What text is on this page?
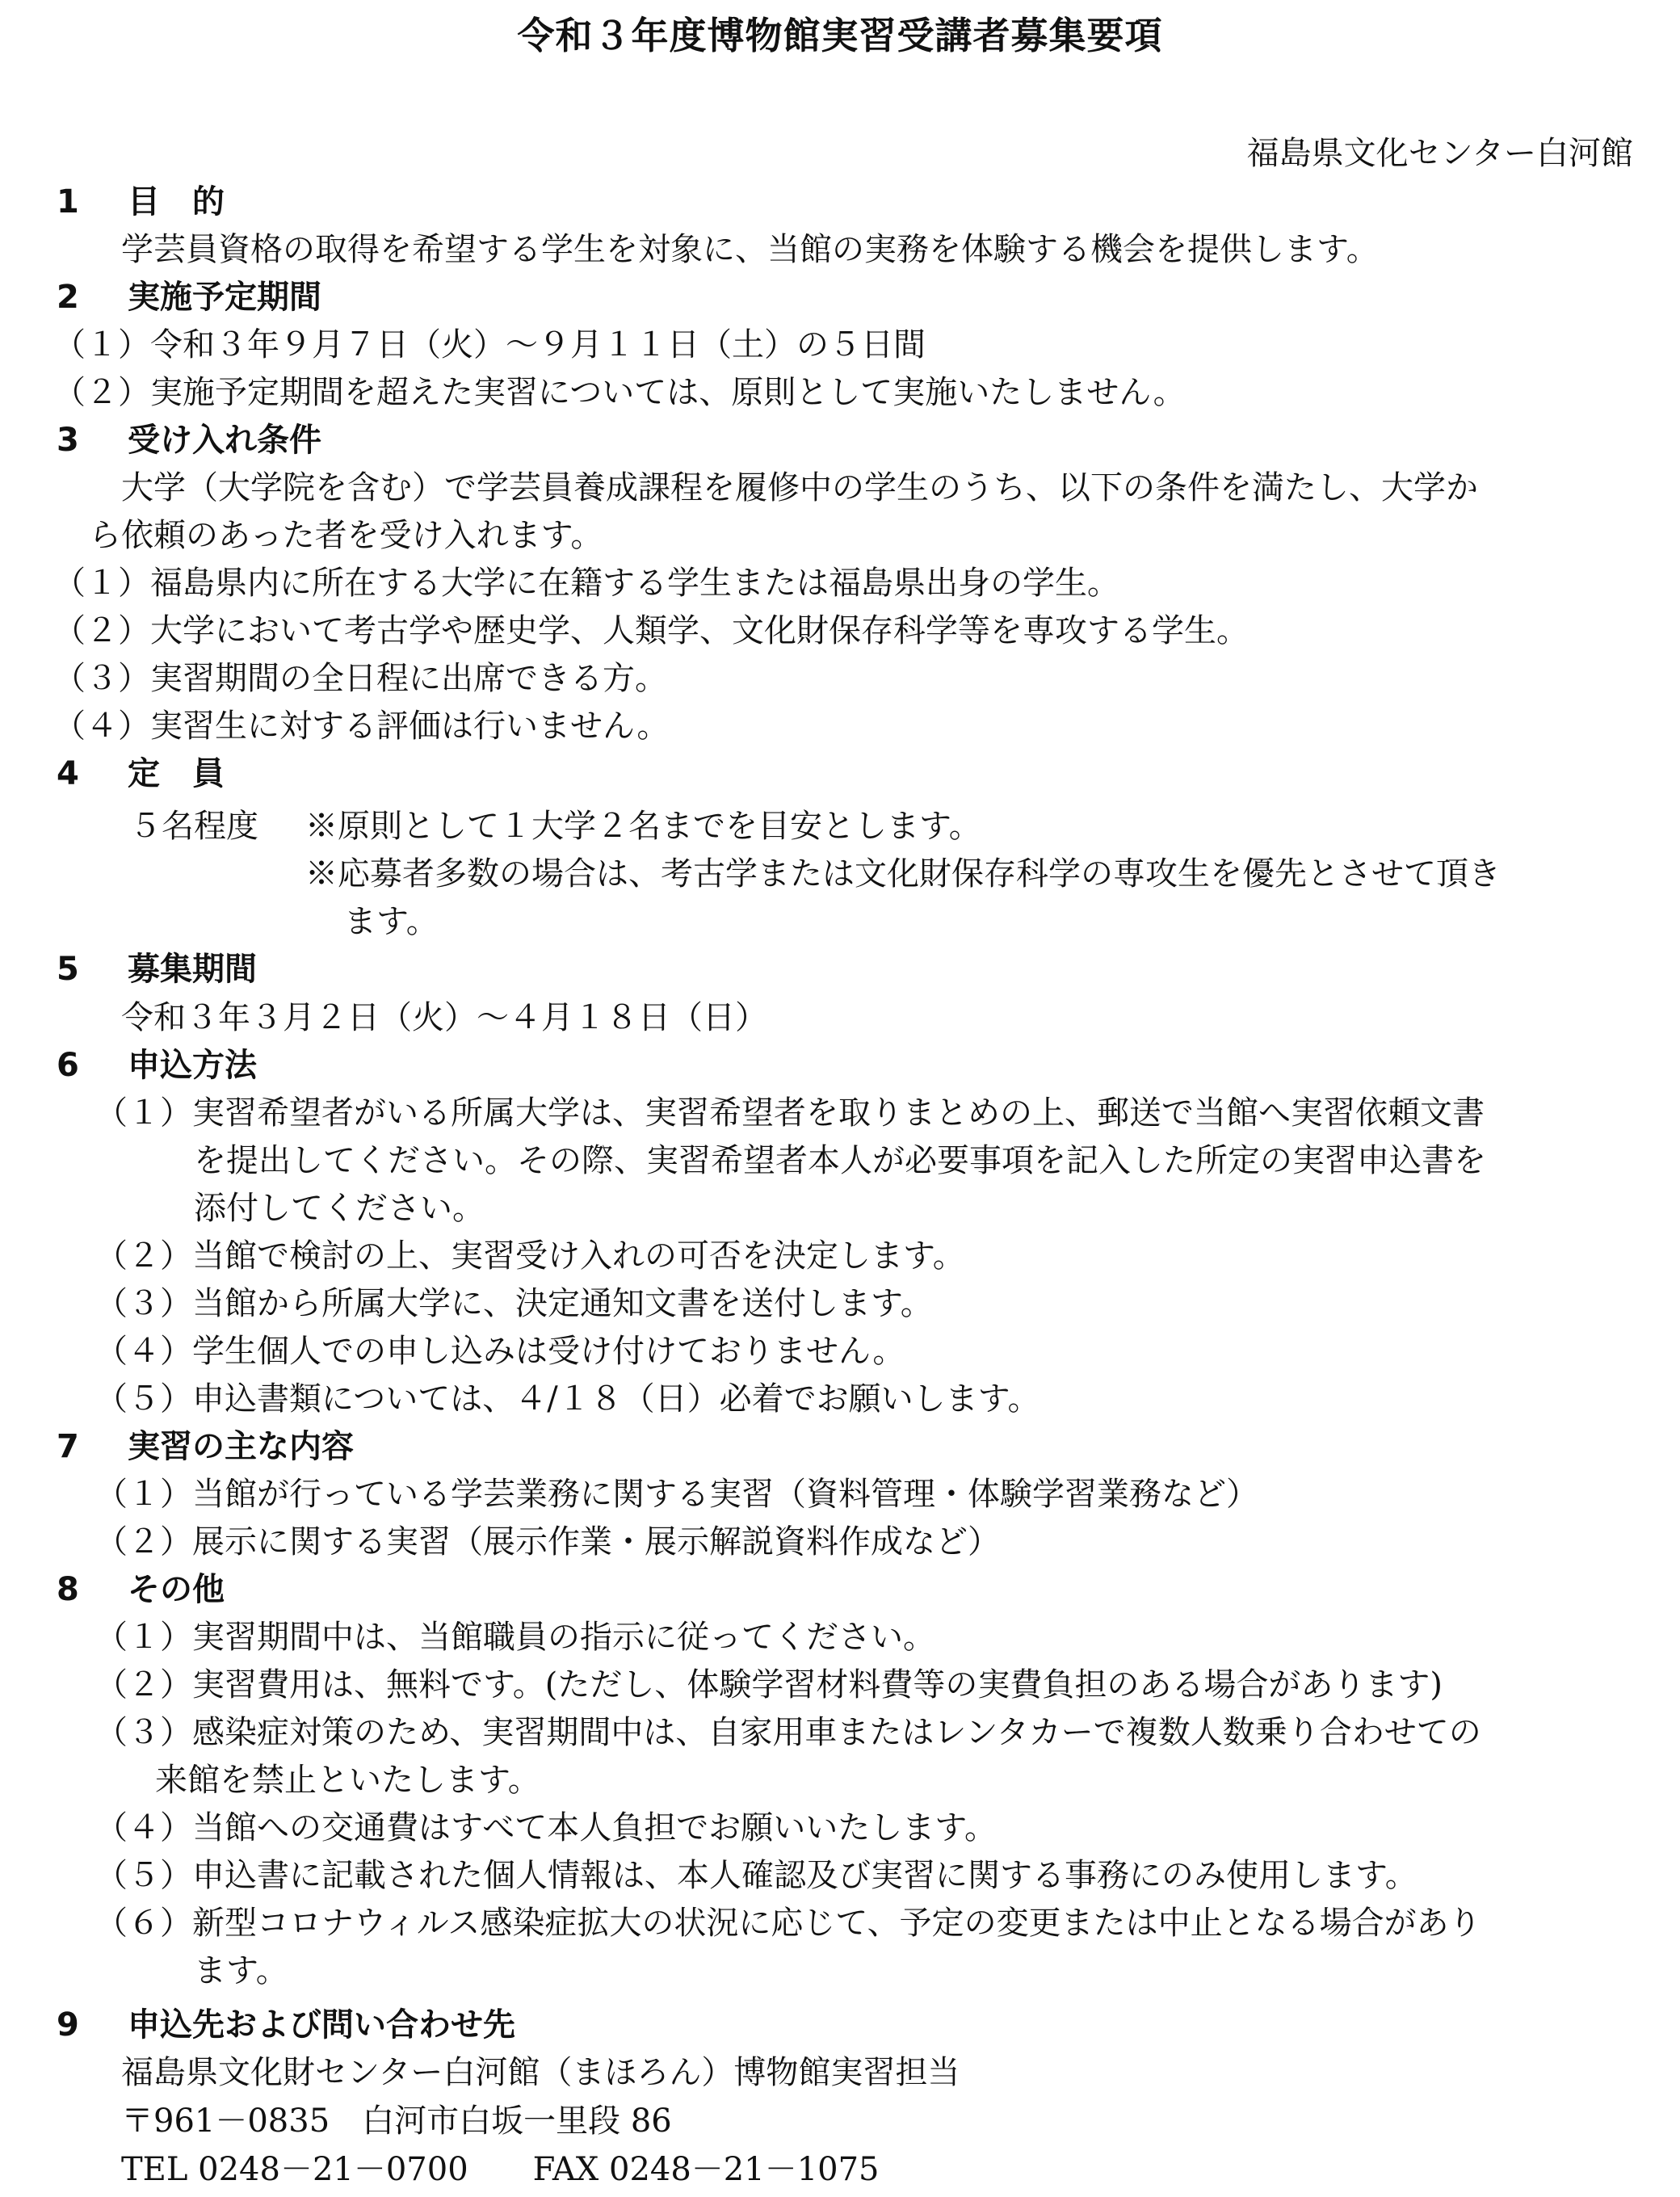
令和３年度博物館実習受講者募集要項
福島県文化センター白河館
1 目　的
学芸員資格の取得を希望する学生を対象に、当館の実務を体験する機会を提供します。
2 実施予定期間
（１）令和３年９月７日（火）～９月１１日（土）の５日間
（２）実施予定期間を超えた実習については、原則として実施いたしません。
3 受け入れ条件
大学（大学院を含む）で学芸員養成課程を履修中の学生のうち、以下の条件を満たし、大学か
ら依頼のあった者を受け入れます。
（１）福島県内に所在する大学に在籍する学生または福島県出身の学生。
（２）大学において考古学や歴史学、人類学、文化財保存科学等を専攻する学生。
（３）実習期間の全日程に出席できる方。
（４）実習生に対する評価は行いません。
4 定　員
５名程度 ※原則として１大学２名までを目安とします。
※応募者多数の場合は、考古学または文化財保存科学の専攻生を優先とさせて頂き
ます。
5 募集期間
令和３年３月２日（火）～４月１８日（日）
6 申込方法
（１）実習希望者がいる所属大学は、実習希望者を取りまとめの上、郵送で当館へ実習依頼文書
を提出してください。その際、実習希望者本人が必要事項を記入した所定の実習申込書を
添付してください。
（２）当館で検討の上、実習受け入れの可否を決定します。
（３）当館から所属大学に、決定通知文書を送付します。
（４）学生個人での申し込みは受け付けておりません。
（５）申込書類については、４/１８（日）必着でお願いします。
7 実習の主な内容
（１）当館が行っている学芸業務に関する実習（資料管理・体験学習業務など）
（２）展示に関する実習（展示作業・展示解説資料作成など）
8 その他
（１）実習期間中は、当館職員の指示に従ってください。
（２）実習費用は、無料です。(ただし、体験学習材料費等の実費負担のある場合があります)
（３）感染症対策のため、実習期間中は、自家用車またはレンタカーで複数人数乗り合わせての
来館を禁止といたします。
（４）当館への交通費はすべて本人負担でお願いいたします。
（５）申込書に記載された個人情報は、本人確認及び実習に関する事務にのみ使用します。
（６）新型コロナウィルス感染症拡大の状況に応じて、予定の変更または中止となる場合があり
ます。
9 申込先および問い合わせ先
福島県文化財センター白河館（まほろん）博物館実習担当
〒961－0835　白河市白坂一里段 86
TEL 0248－21－0700　　FAX 0248－21－1075
